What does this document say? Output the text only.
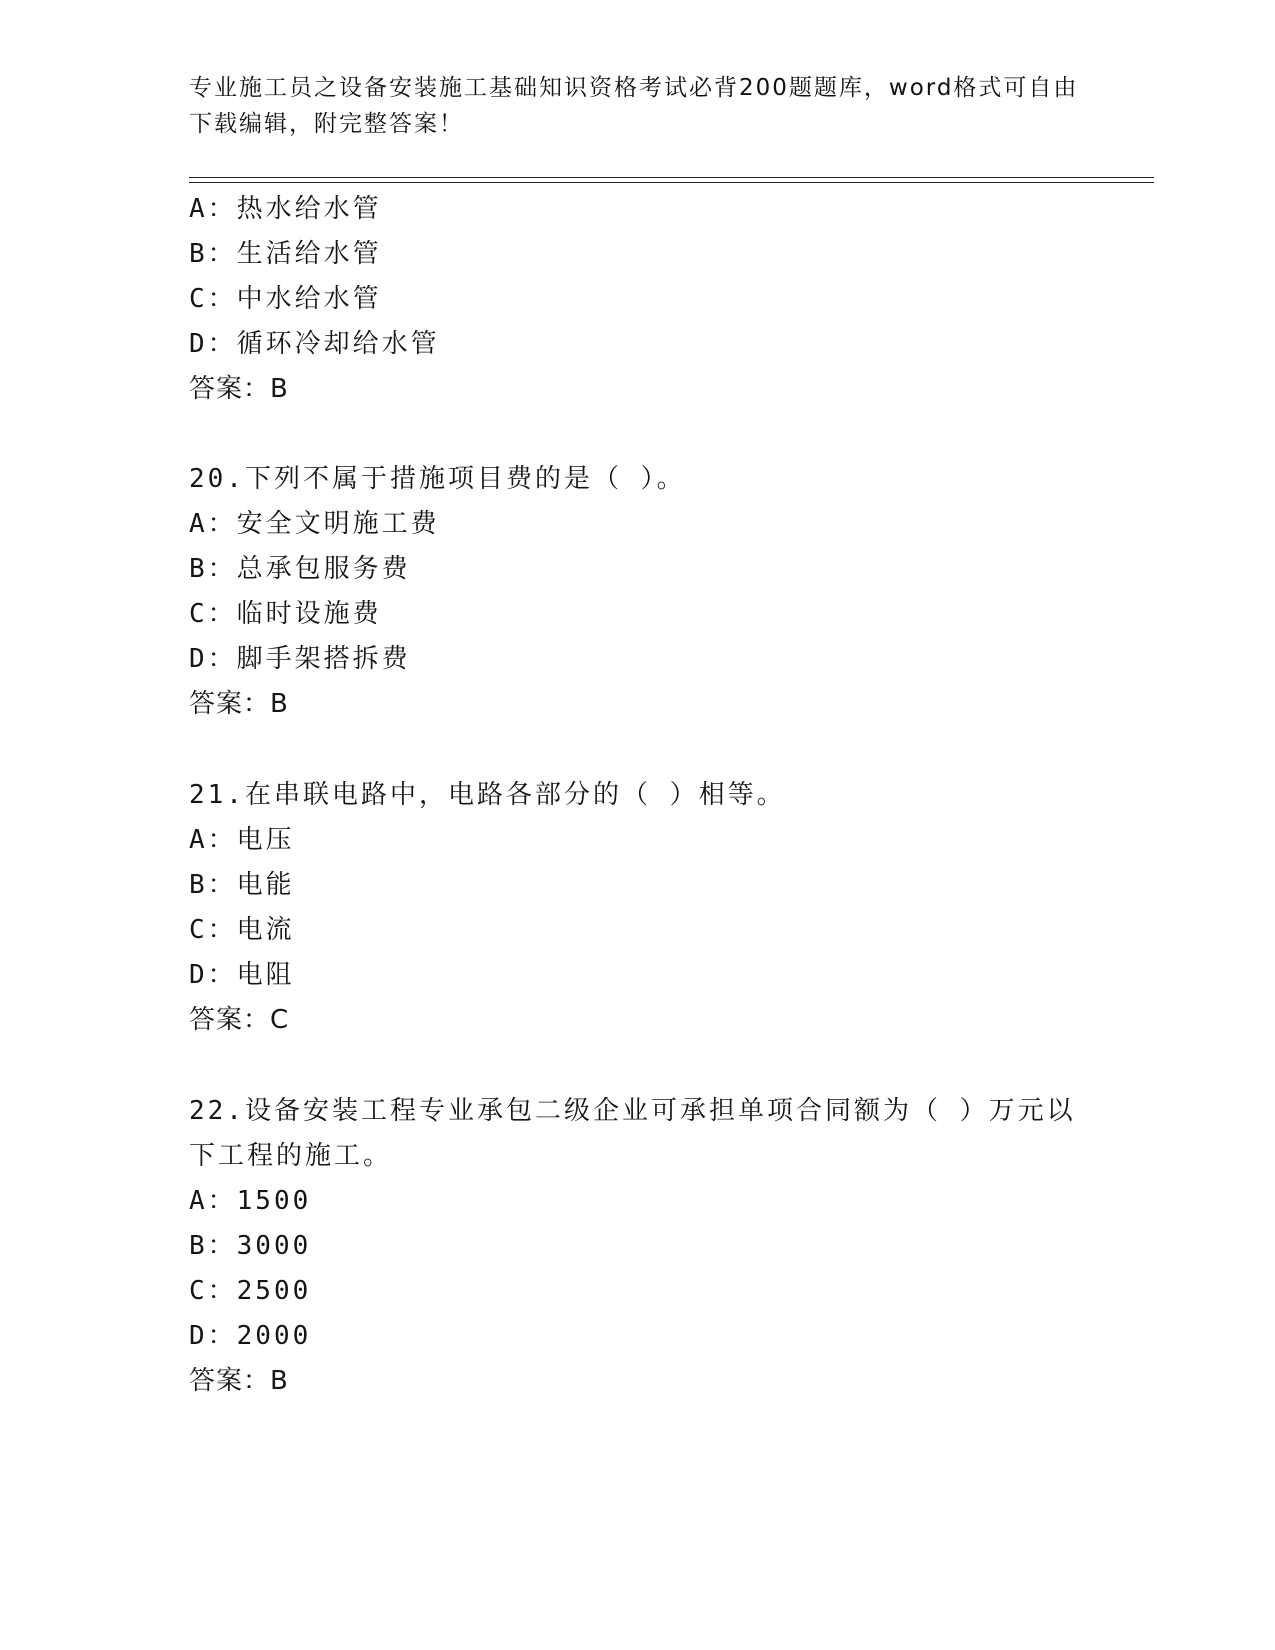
专业施工员之设备安装施工基础知识资格考试必背200题题库，word格式可自由下载编辑，附完整答案！
A：热水给水管
B：生活给水管
C：中水给水管
D：循环冷却给水管
答案：B
20.下列不属于措施项目费的是（ ）。
A：安全文明施工费
B：总承包服务费
C：临时设施费
D：脚手架搭拆费
答案：B
21.在串联电路中，电路各部分的（ ）相等。
A：电压
B：电能
C：电流
D：电阻
答案：C
22.设备安装工程专业承包二级企业可承担单项合同额为（ ）万元以
下工程的施工。
A：1500
B：3000
C：2500
D：2000
答案：B
